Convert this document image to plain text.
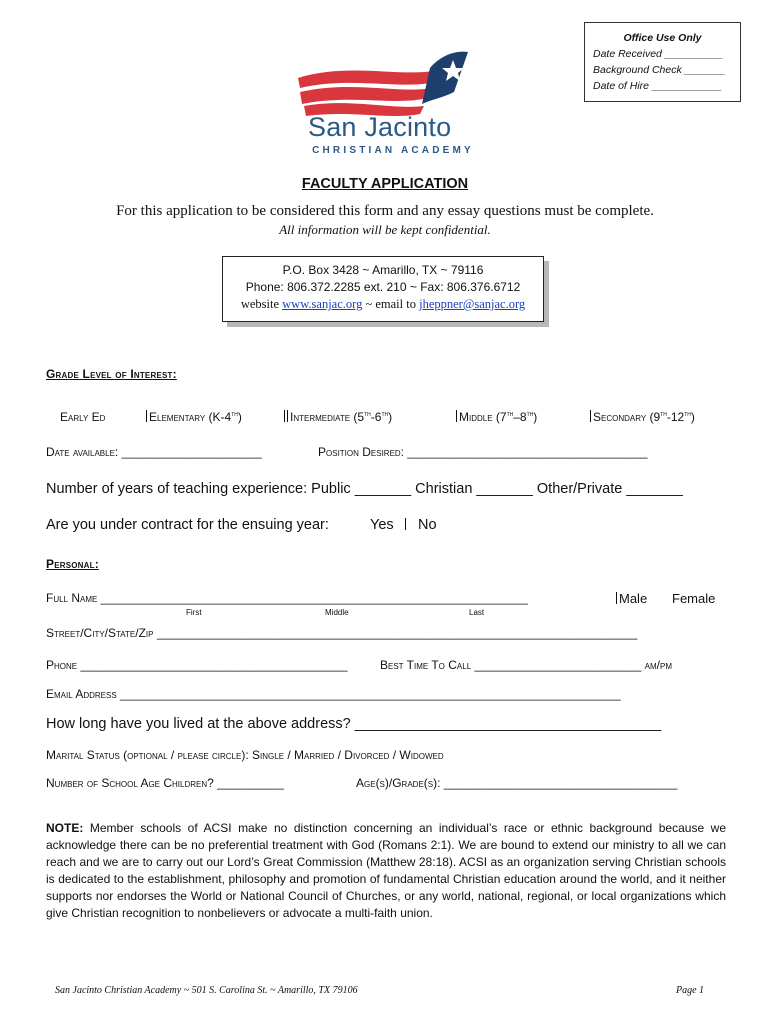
Office Use Only
Date Received __________
Background Check _______
Date of Hire ____________
San Jacinto
CHRISTIAN ACADEMY
FACULTY APPLICATION
For this application to be considered this form and any essay questions must be complete.
All information will be kept confidential.
P.O. Box 3428 ~ Amarillo, TX ~ 79116
Phone: 806.372.2285 ext. 210 ~ Fax: 806.376.6712
website www.sanjac.org ~ email to jheppner@sanjac.org
Grade Level of Interest:
Early Ed	Elementary (K-4th)	Intermediate (5th-6th)	Middle (7th–8th)	Secondary (9th-12th)
Date available: _____________________	Position Desired: ____________________________________
Number of years of teaching experience: Public _______ Christian _______ Other/Private _______
Are you under contract for the ensuing year:	Yes	No
Personal:
Full Name ________________________________________________________________	Male Female
First	Middle	Last
Street/City/State/Zip ________________________________________________________________________
Phone ________________________________________	Best Time To Call _________________________ am/pm
Email Address ___________________________________________________________________________
How long have you lived at the above address? ______________________________________
Marital Status (optional / please circle): Single / Married / Divorced / Widowed
Number of School Age Children? __________	Age(s)/Grade(s): ___________________________________
NOTE: Member schools of ACSI make no distinction concerning an individual’s race or ethnic background because we acknowledge there can be no preferential treatment with God (Romans 2:1). We are bound to extend our ministry to all we can reach and we are to carry out our Lord’s Great Commission (Matthew 28:18). ACSI as an organization serving Christian schools is dedicated to the establishment, philosophy and promotion of fundamental Christian education around the world, and it neither supports nor endorses the World or National Council of Churches, or any world, national, regional, or local organizations which give Christian recognition to nonbelievers or advocate a multi-faith union.
San Jacinto Christian Academy ~ 501 S. Carolina St. ~ Amarillo, TX 79106	Page 1
